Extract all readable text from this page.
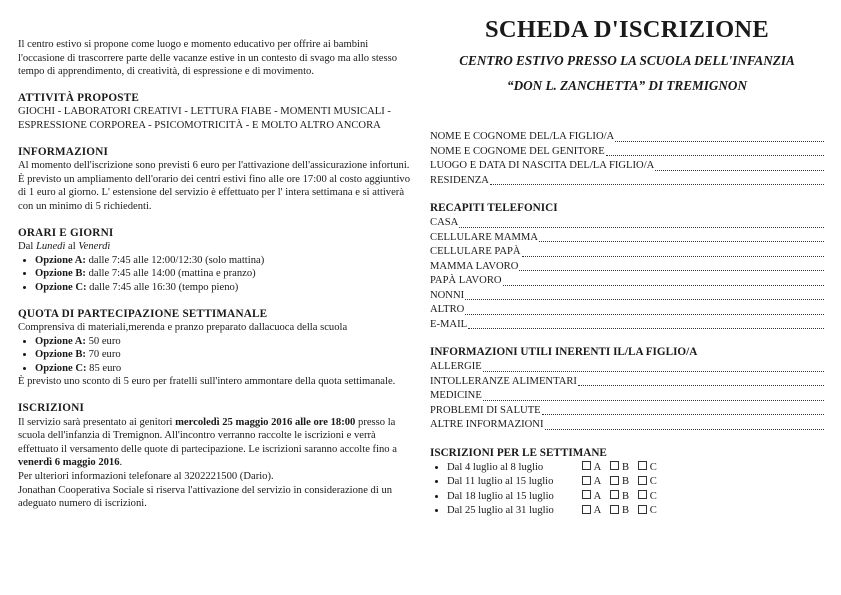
Il centro estivo si propone come luogo e momento educativo per offrire ai bambini l'occasione di trascorrere parte delle vacanze estive in un contesto di svago ma allo stesso tempo di apprendimento, di creatività, di espressione e di movimento.

ATTIVITÀ PROPOSTE

GIOCHI - LABORATORI CREATIVI - LETTURA FIABE - MOMENTI MUSICALI - ESPRESSIONE CORPOREA - PSICOMOTRICITÀ - E MOLTO ALTRO ANCORA

INFORMAZIONI

Al momento dell'iscrizione sono previsti 6 euro per l'attivazione dell'assicurazione infortuni.

È previsto un ampliamento dell'orario dei centri estivi fino alle ore 17:00 al costo aggiuntivo di 1 euro al giorno. L' estensione del servizio è effettuato per l' intera settimana e si attiverà con un minimo di 5 richiedenti.

ORARI E GIORNI

Dal Lunedì al Venerdì

• Opzione A: dalle 7:45 alle 12:00/12:30 (solo mattina)
• Opzione B: dalle 7:45 alle 14:00 (mattina e pranzo)
• Opzione C: dalle 7:45 alle 16:30 (tempo pieno)
QUOTA DI PARTECIPAZIONE SETTIMANALE

Comprensiva di materiali,merenda e pranzo preparato dallacuoca della scuola

• Opzione A: 50 euro
• Opzione B: 70 euro
• Opzione C: 85 euro

È previsto uno sconto di 5 euro per fratelli sull'intero ammontare della quota settimanale.

ISCRIZIONI

Il servizio sarà presentato ai genitori mercoledì 25 maggio 2016 alle ore 18:00 presso la scuola dell'infanzia di Tremignon. All'incontro verranno raccolte le iscrizioni e verrà effettuato il versamento delle quote di partecipazione. Le iscrizioni saranno accolte fino a venerdì 6 maggio 2016.

Per ulteriori informazioni telefonare al 3202221500 (Dario).

Jonathan Cooperativa Sociale si riserva l'attivazione del servizio in considerazione di un adeguato numero di iscrizioni.

SCHEDA D'ISCRIZIONE
CENTRO ESTIVO PRESSO LA SCUOLA DELL'INFANZIA
“DON L. ZANCHETTA” DI TREMIGNON
NOME E COGNOME DEL/LA FIGLIO/A
NOME E COGNOME DEL GENITORE
LUOGO E DATA DI NASCITA DEL/LA FIGLIO/A
RESIDENZA
RECAPITI TELEFONICI
CASA
CELLULARE MAMMA
CELLULARE PAPÀ
MAMMA LAVORO
PAPÀ LAVORO
NONNI
ALTRO
E-MAIL
INFORMAZIONI UTILI INERENTI IL/LA FIGLIO/A
ALLERGIE
INTOLLERANZE ALIMENTARI
MEDICINE
PROBLEMI DI SALUTE
ALTRE INFORMAZIONI
ISCRIZIONI PER LE SETTIMANE
• Dal 4 luglio al 8 luglio	A B C
• Dal 11 luglio al 15 luglio	A B C
• Dal 18 luglio al 15 luglio	A B C
• Dal 25 luglio al 31 luglio	A B C
